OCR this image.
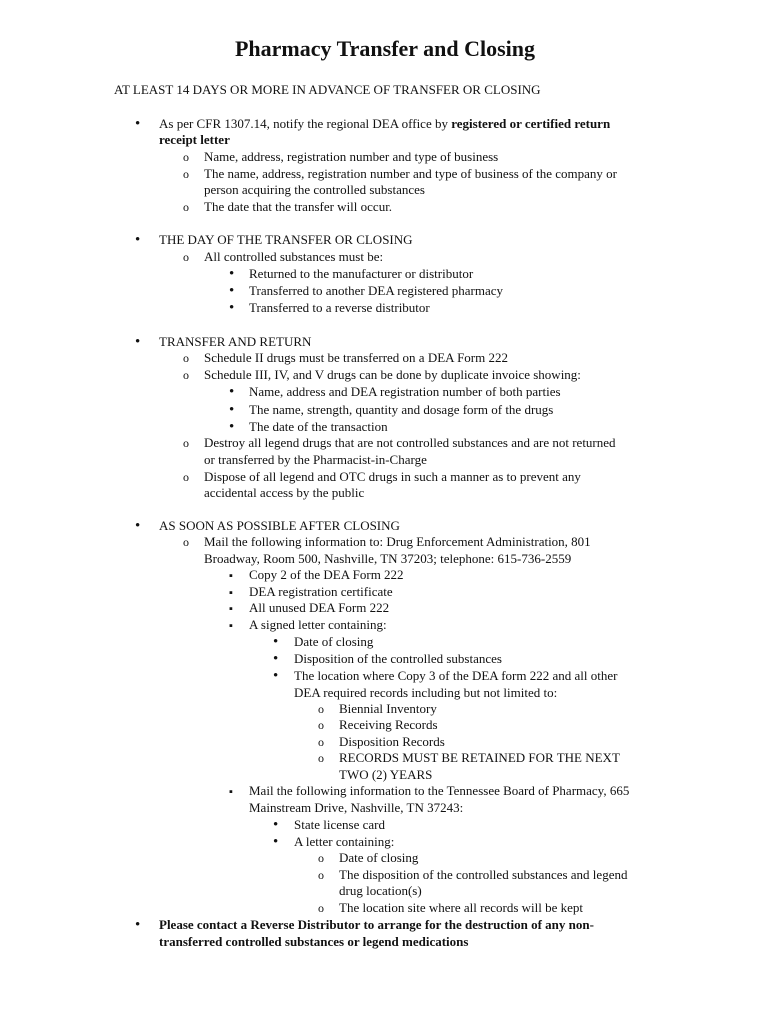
Pharmacy Transfer and Closing

AT LEAST 14 DAYS OR MORE IN ADVANCE OF TRANSFER OR CLOSING

•

As per CFR 1307.14, notify the regional DEA office by registered or certified return

receipt letter

o

Name, address, registration number and type of business

o

The name, address, registration number and type of business of the company or

person acquiring the controlled substances

o

The date that the transfer will occur.

•

THE DAY OF THE TRANSFER OR CLOSING

o

All controlled substances must be:

•

Returned to the manufacturer or distributor

•

Transferred to another DEA registered pharmacy

•

Transferred to a reverse distributor

•

TRANSFER AND RETURN

o

Schedule II drugs must be transferred on a DEA Form 222

o

Schedule III, IV, and V drugs can be done by duplicate invoice showing:

•

Name, address and DEA registration number of both parties

•

The name, strength, quantity and dosage form of the drugs

•

The date of the transaction

o

Destroy all legend drugs that are not controlled substances and are not returned

or transferred by the Pharmacist-in-Charge

o

Dispose of all legend and OTC drugs in such a manner as to prevent any

accidental access by the public

•

AS SOON AS POSSIBLE AFTER CLOSING

o

Mail the following information to: Drug Enforcement Administration, 801

Broadway, Room 500, Nashville, TN 37203; telephone: 615-736-2559

▪

Copy 2 of the DEA Form 222

▪

DEA registration certificate

▪

All unused DEA Form 222

▪

A signed letter containing:

•

Date of closing

•

Disposition of the controlled substances

•

The location where Copy 3 of the DEA form 222 and all other

DEA required records including but not limited to:

o

Biennial Inventory

o

Receiving Records

o

Disposition Records

o

RECORDS MUST BE RETAINED FOR THE NEXT

TWO (2) YEARS

▪

Mail the following information to the Tennessee Board of Pharmacy, 665

Mainstream Drive, Nashville, TN 37243:

•

State license card

•

A letter containing:

o

Date of closing

o

The disposition of the controlled substances and legend

drug location(s)

o

The location site where all records will be kept

•

Please contact a Reverse Distributor to arrange for the destruction of any non-

transferred controlled substances or legend medications
